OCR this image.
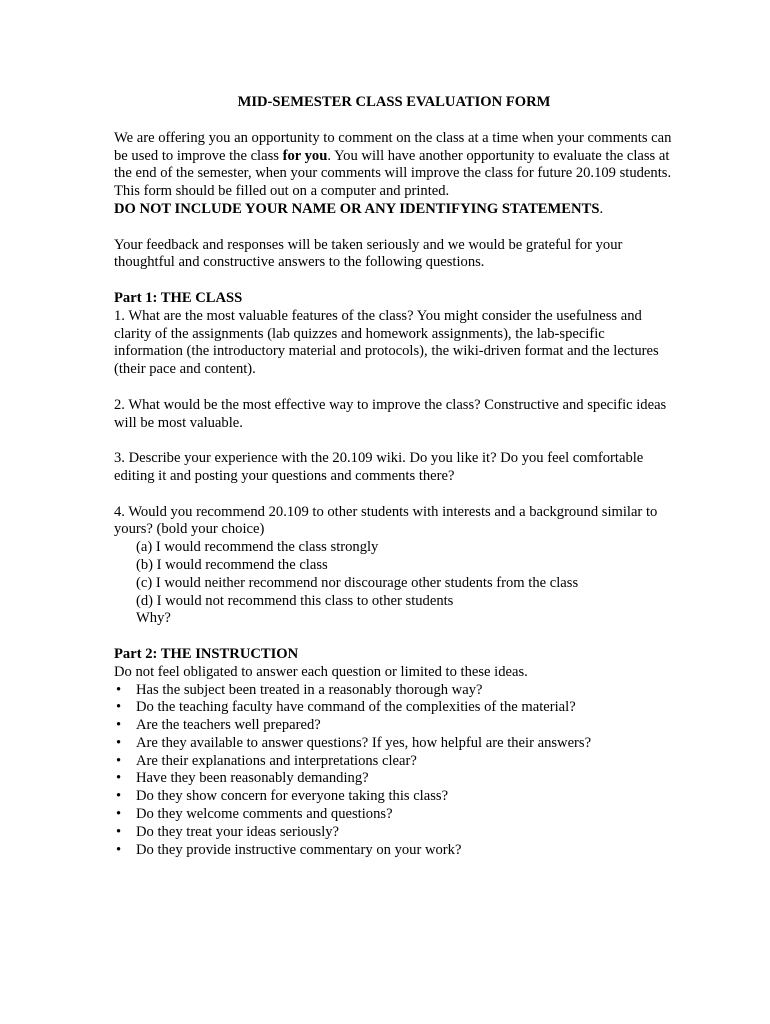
MID-SEMESTER CLASS EVALUATION FORM

We are offering you an opportunity to comment on the class at a time when your comments can be used to improve the class for you. You will have another opportunity to evaluate the class at the end of the semester, when your comments will improve the class for future 20.109 students. This form should be filled out on a computer and printed.
DO NOT INCLUDE YOUR NAME OR ANY IDENTIFYING STATEMENTS.

Your feedback and responses will be taken seriously and we would be grateful for your thoughtful and constructive answers to the following questions.

Part 1: THE CLASS

1. What are the most valuable features of the class? You might consider the usefulness and clarity of the assignments (lab quizzes and homework assignments), the lab-specific information (the introductory material and protocols), the wiki-driven format and the lectures (their pace and content).

2. What would be the most effective way to improve the class? Constructive and specific ideas will be most valuable.

3. Describe your experience with the 20.109 wiki. Do you like it? Do you feel comfortable editing it and posting your questions and comments there?

4. Would you recommend 20.109 to other students with interests and a background similar to yours? (bold your choice)

(a) I would recommend the class strongly

(b) I would recommend the class

(c) I would neither recommend nor discourage other students from the class

(d) I would not recommend this class to other students

Why?

Part 2: THE INSTRUCTION

Do not feel obligated to answer each question or limited to these ideas.

• Has the subject been treated in a reasonably thorough way?
• Do the teaching faculty have command of the complexities of the material?
• Are the teachers well prepared?
• Are they available to answer questions? If yes, how helpful are their answers?
• Are their explanations and interpretations clear?
• Have they been reasonably demanding?
• Do they show concern for everyone taking this class?
• Do they welcome comments and questions?
• Do they treat your ideas seriously?
• Do they provide instructive commentary on your work?
